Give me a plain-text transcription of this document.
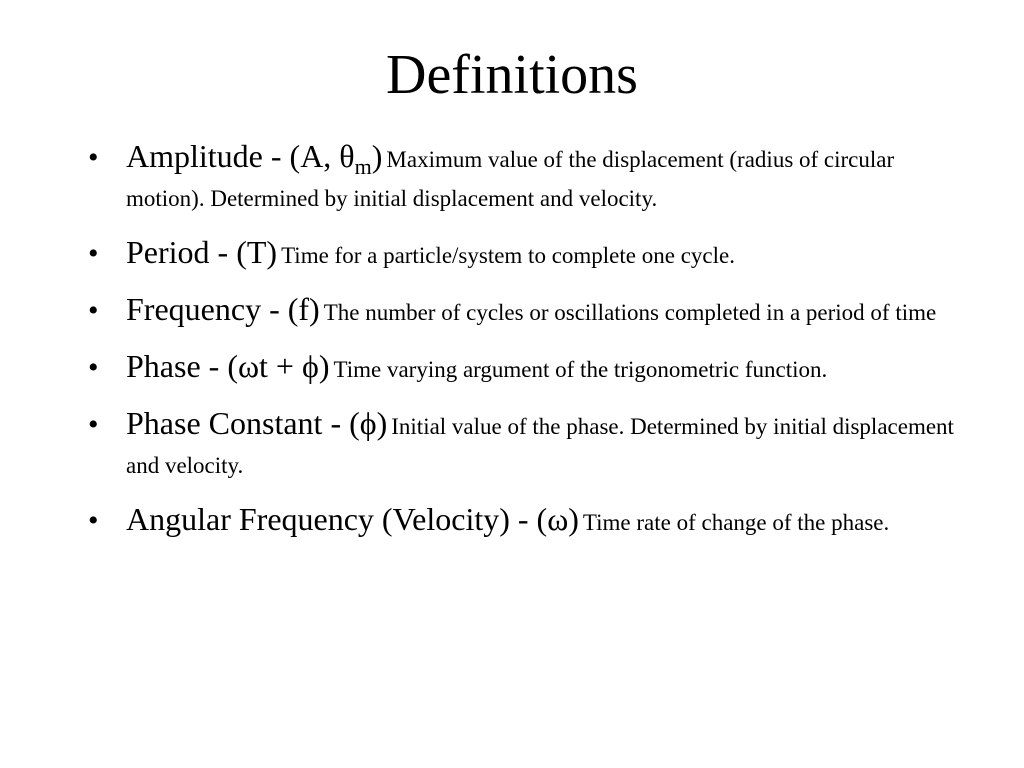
Definitions
• Amplitude - (A, $\theta_m$) Maximum value of the displacement (radius of circular motion). Determined by initial displacement and velocity.
• Period - (T) Time for a particle/system to complete one cycle.
• Frequency - (f) The number of cycles or oscillations completed in a period of time
• Phase - (ωt + ϕ) Time varying argument of the trigonometric function.
• Phase Constant - (ϕ) Initial value of the phase. Determined by initial displacement and velocity.
• Angular Frequency (Velocity) - (ω) Time rate of change of the phase.
